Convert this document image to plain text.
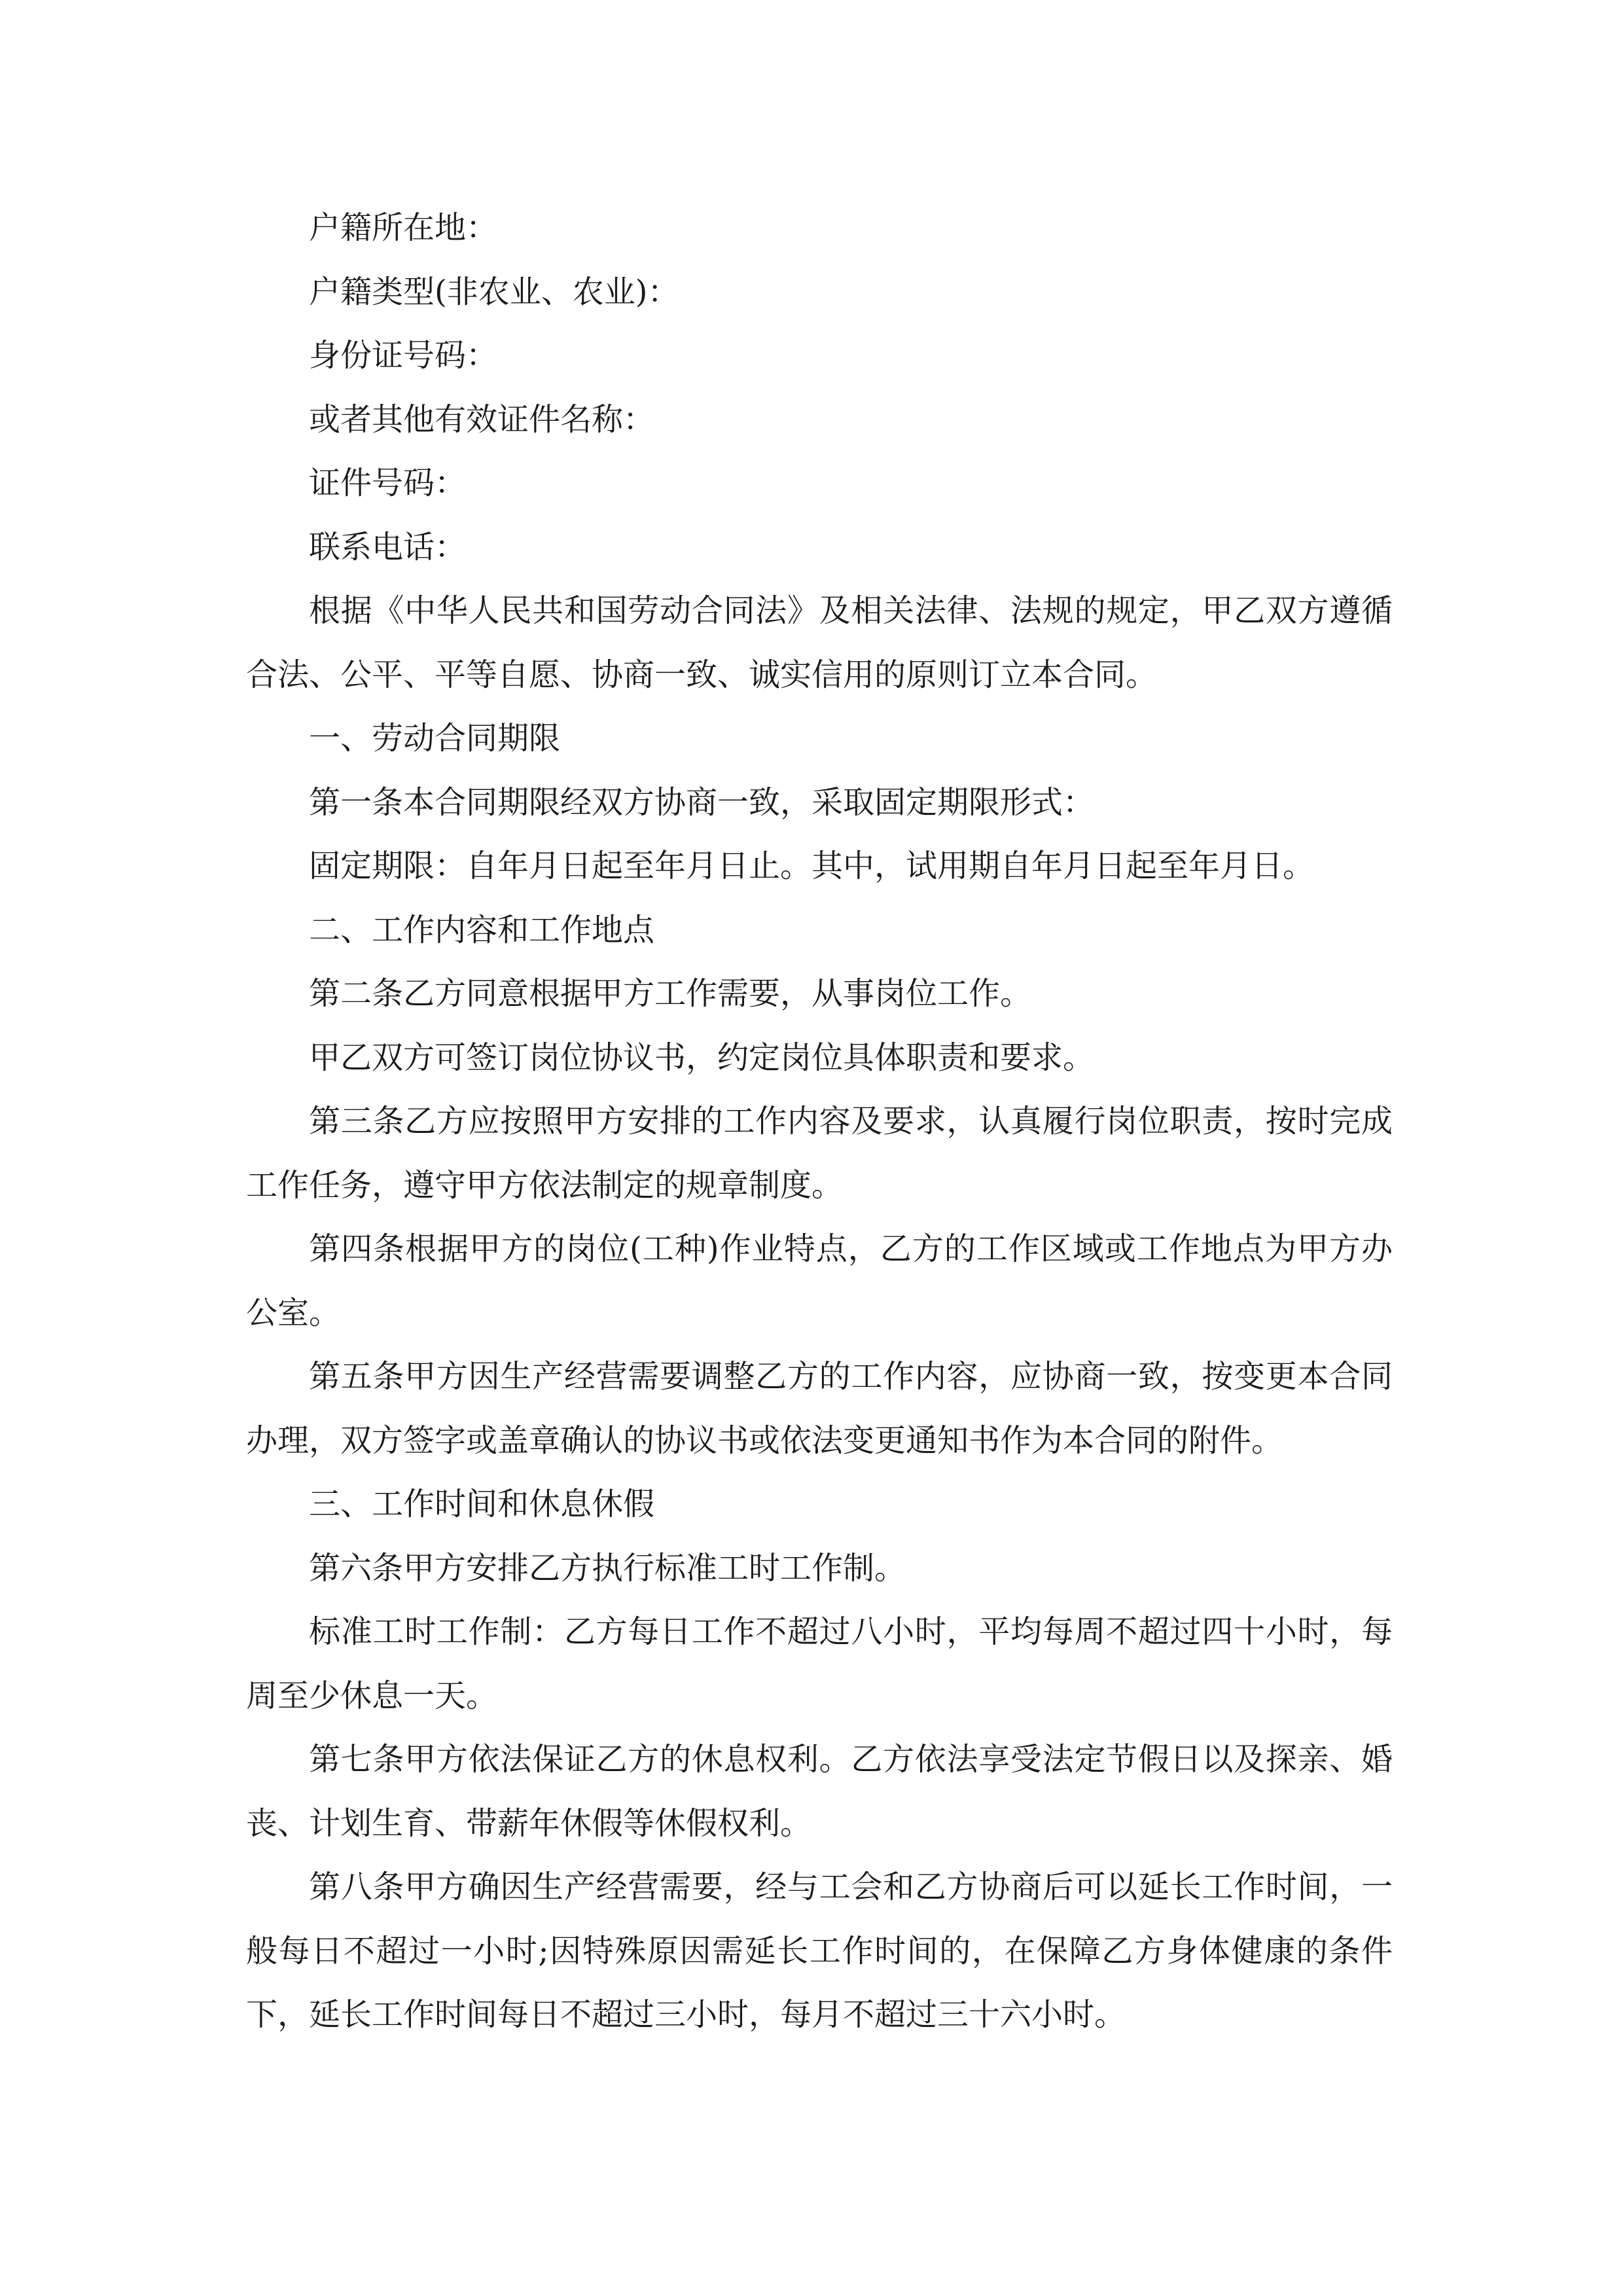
户籍所在地：

户籍类型(非农业、农业)：

身份证号码：

或者其他有效证件名称：

证件号码：

联系电话：

根据《中华人民共和国劳动合同法》及相关法律、法规的规定，甲乙双方遵循合法、公平、平等自愿、协商一致、诚实信用的原则订立本合同。

一、劳动合同期限

第一条本合同期限经双方协商一致，采取固定期限形式：

固定期限：自年月日起至年月日止。其中，试用期自年月日起至年月日。

二、工作内容和工作地点

第二条乙方同意根据甲方工作需要，从事岗位工作。

甲乙双方可签订岗位协议书，约定岗位具体职责和要求。

第三条乙方应按照甲方安排的工作内容及要求，认真履行岗位职责，按时完成工作任务，遵守甲方依法制定的规章制度。

第四条根据甲方的岗位(工种)作业特点，乙方的工作区域或工作地点为甲方办公室。

第五条甲方因生产经营需要调整乙方的工作内容，应协商一致，按变更本合同办理，双方签字或盖章确认的协议书或依法变更通知书作为本合同的附件。

三、工作时间和休息休假

第六条甲方安排乙方执行标准工时工作制。

标准工时工作制：乙方每日工作不超过八小时，平均每周不超过四十小时，每周至少休息一天。

第七条甲方依法保证乙方的休息权利。乙方依法享受法定节假日以及探亲、婚丧、计划生育、带薪年休假等休假权利。

第八条甲方确因生产经营需要，经与工会和乙方协商后可以延长工作时间，一般每日不超过一小时;因特殊原因需延长工作时间的，在保障乙方身体健康的条件下，延长工作时间每日不超过三小时，每月不超过三十六小时。
